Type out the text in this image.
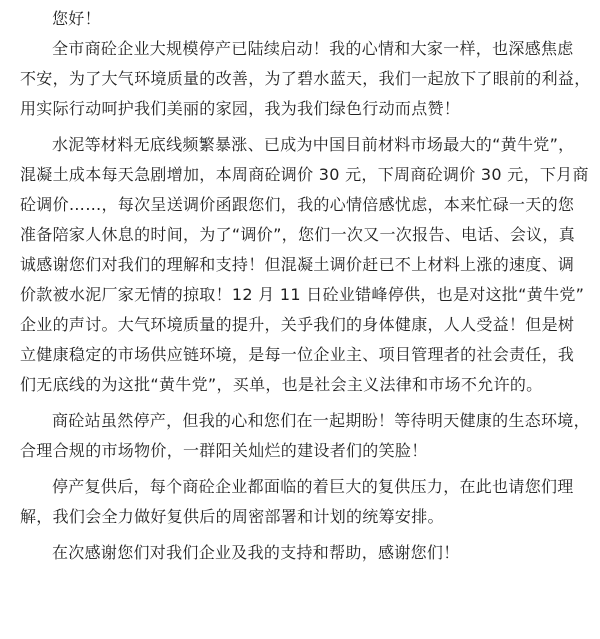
您好！
全市商砼企业大规模停产已陆续启动！我的心情和大家一样，也深感焦虑
不安，为了大气环境质量的改善，为了碧水蓝天，我们一起放下了眼前的利益，
用实际行动呵护我们美丽的家园，我为我们绿色行动而点赞！
水泥等材料无底线频繁暴涨、已成为中国目前材料市场最大的“黄牛党”，
混凝土成本每天急剧增加，本周商砼调价 30 元，下周商砼调价 30 元，下月商
砼调价……，每次呈送调价函跟您们，我的心情倍感忧虑，本来忙碌一天的您
准备陪家人休息的时间，为了“调价”，您们一次又一次报告、电话、会议，真
诚感谢您们对我们的理解和支持！但混凝土调价赶已不上材料上涨的速度、调
价款被水泥厂家无情的掠取！12 月 11 日砼业错峰停供，也是对这批“黄牛党”
企业的声讨。大气环境质量的提升，关乎我们的身体健康，人人受益！但是树
立健康稳定的市场供应链环境，是每一位企业主、项目管理者的社会责任，我
们无底线的为这批“黄牛党”，买单，也是社会主义法律和市场不允许的。
商砼站虽然停产，但我的心和您们在一起期盼！等待明天健康的生态环境，
合理合规的市场物价，一群阳关灿烂的建设者们的笑脸！
停产复供后，每个商砼企业都面临的着巨大的复供压力，在此也请您们理
解，我们会全力做好复供后的周密部署和计划的统筹安排。
在次感谢您们对我们企业及我的支持和帮助，感谢您们！
